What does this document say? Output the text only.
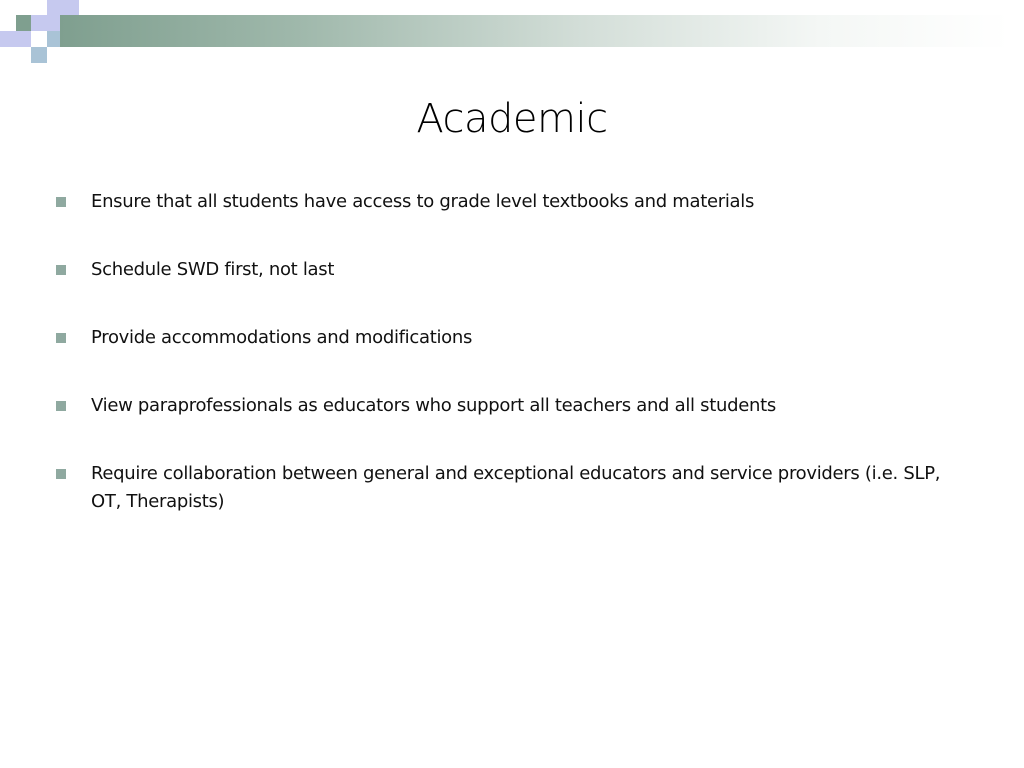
Academic
Ensure that all students have access to grade level textbooks and materials
Schedule SWD first, not last
Provide accommodations and modifications
View paraprofessionals as educators who support all teachers and all students
Require collaboration between general and exceptional educators and service providers (i.e. SLP, OT, Therapists)
